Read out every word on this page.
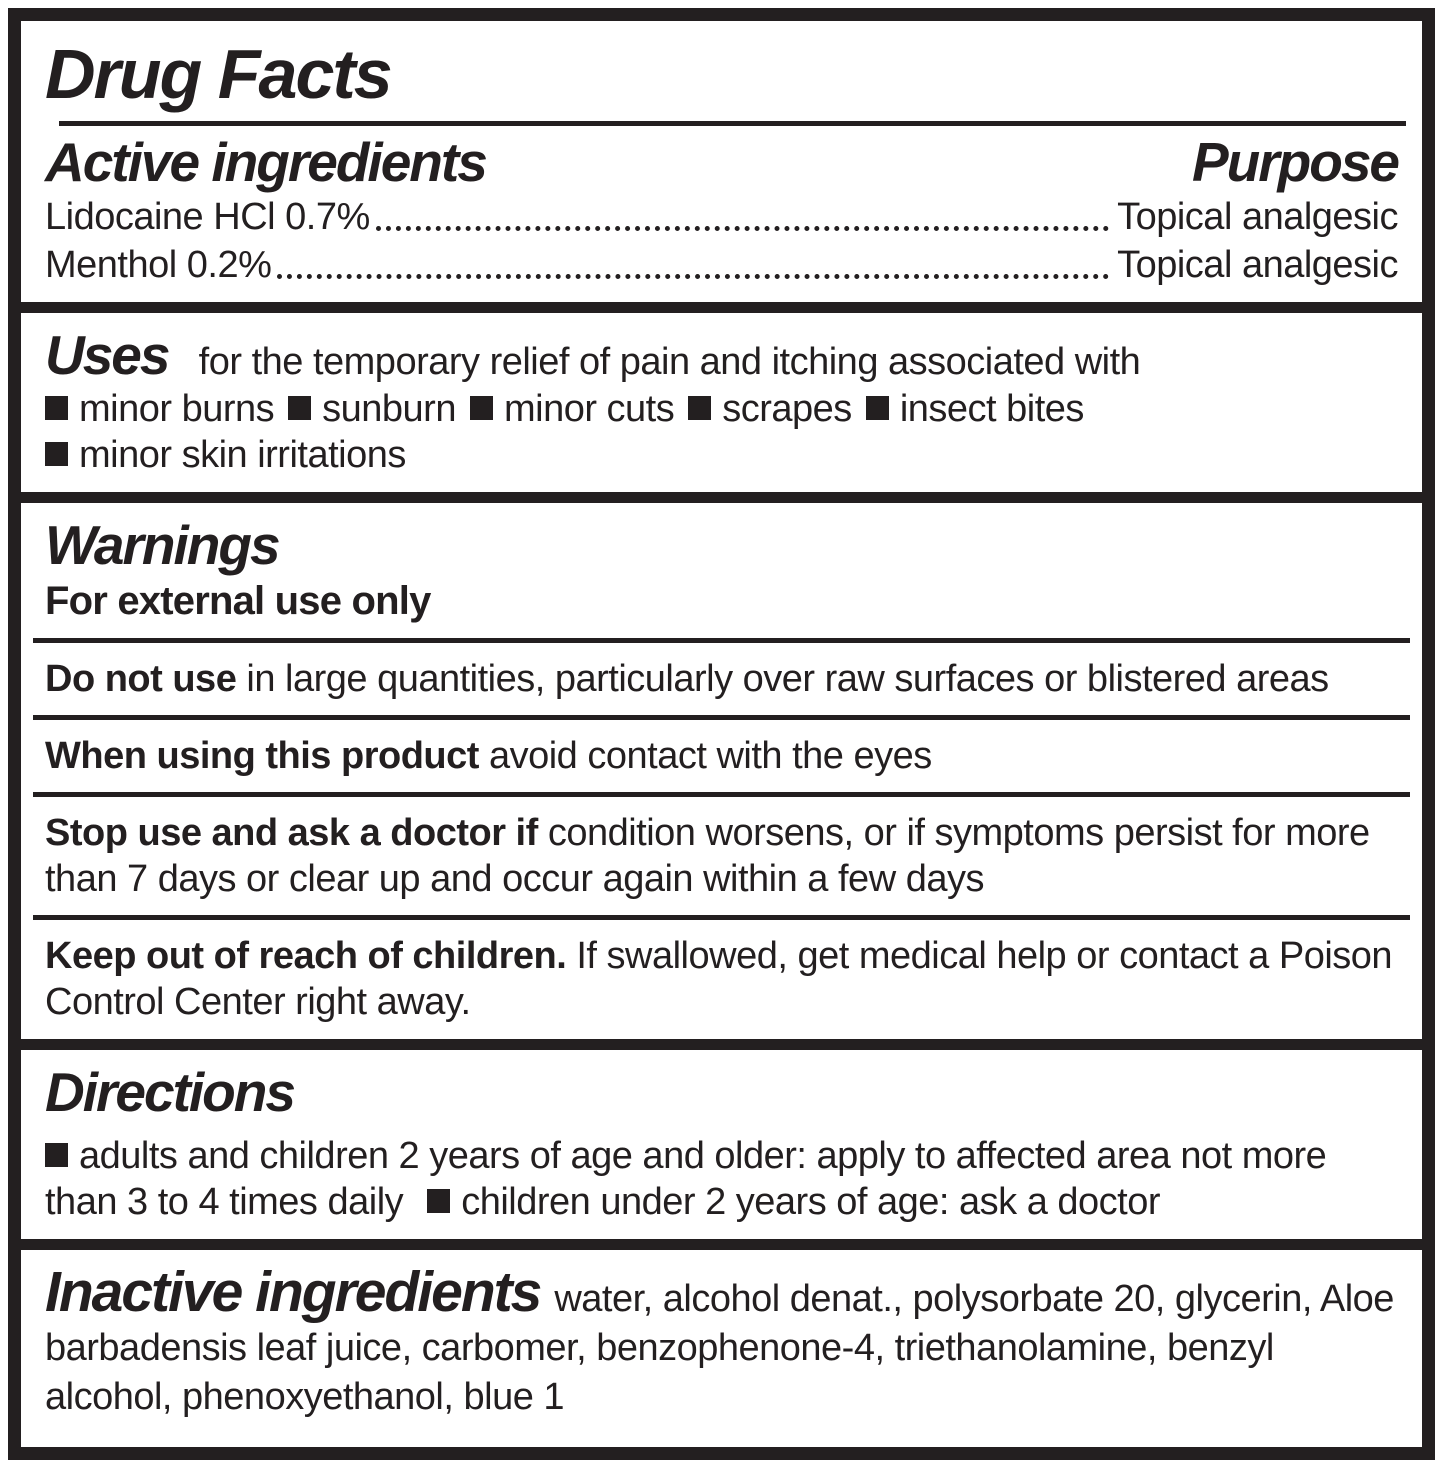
Drug Facts
Active ingredients	Purpose
Lidocaine HCl 0.7%	Topical analgesic
Menthol 0.2%	Topical analgesic

Uses for the temporary relief of pain and itching associated with

minor burns sunburn minor cuts scrapes insect bites

minor skin irritations

Warnings
For external use only

Do not use in large quantities, particularly over raw surfaces or blistered areas

When using this product avoid contact with the eyes

Stop use and ask a doctor if condition worsens, or if symptoms persist for more than 7 days or clear up and occur again within a few days

Keep out of reach of children. If swallowed, get medical help or contact a Poison Control Center right away.

Directions

adults and children 2 years of age and older: apply to affected area not more than 3 to 4 times daily children under 2 years of age: ask a doctor

Inactive ingredients water, alcohol denat., polysorbate 20, glycerin, Aloe barbadensis leaf juice, carbomer, benzophenone-4, triethanolamine, benzyl alcohol, phenoxyethanol, blue 1
